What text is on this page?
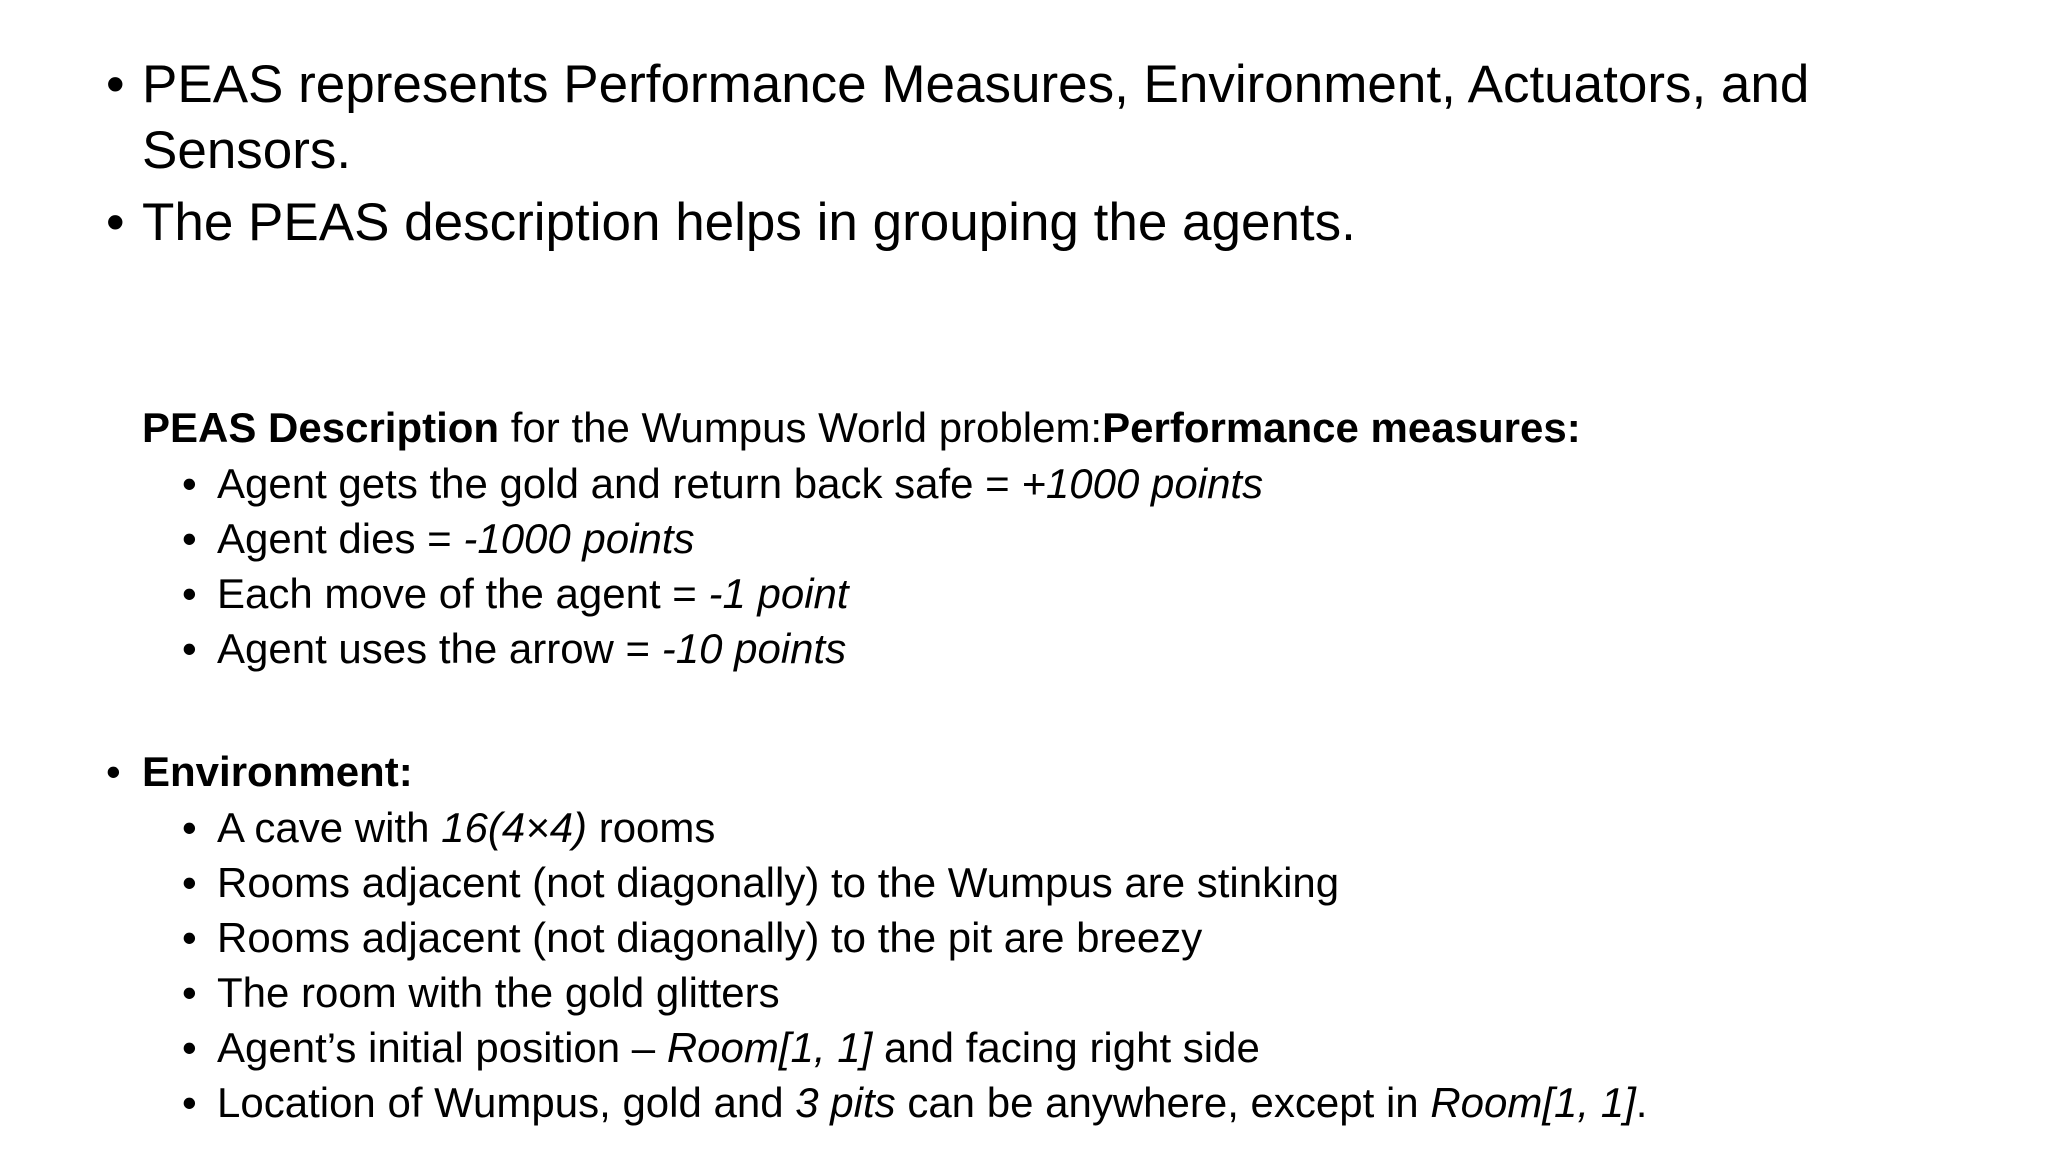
• PEAS represents Performance Measures, Environment, Actuators, and Sensors.
• The PEAS description helps in grouping the agents.
PEAS Description for the Wumpus World problem:Performance measures:
• Agent gets the gold and return back safe = +1000 points
• Agent dies = -1000 points
• Each move of the agent = -1 point
• Agent uses the arrow = -10 points
• Environment:
• A cave with 16(4×4) rooms
• Rooms adjacent (not diagonally) to the Wumpus are stinking
• Rooms adjacent (not diagonally) to the pit are breezy
• The room with the gold glitters
• Agent’s initial position – Room[1, 1] and facing right side
• Location of Wumpus, gold and 3 pits can be anywhere, except in Room[1, 1].
